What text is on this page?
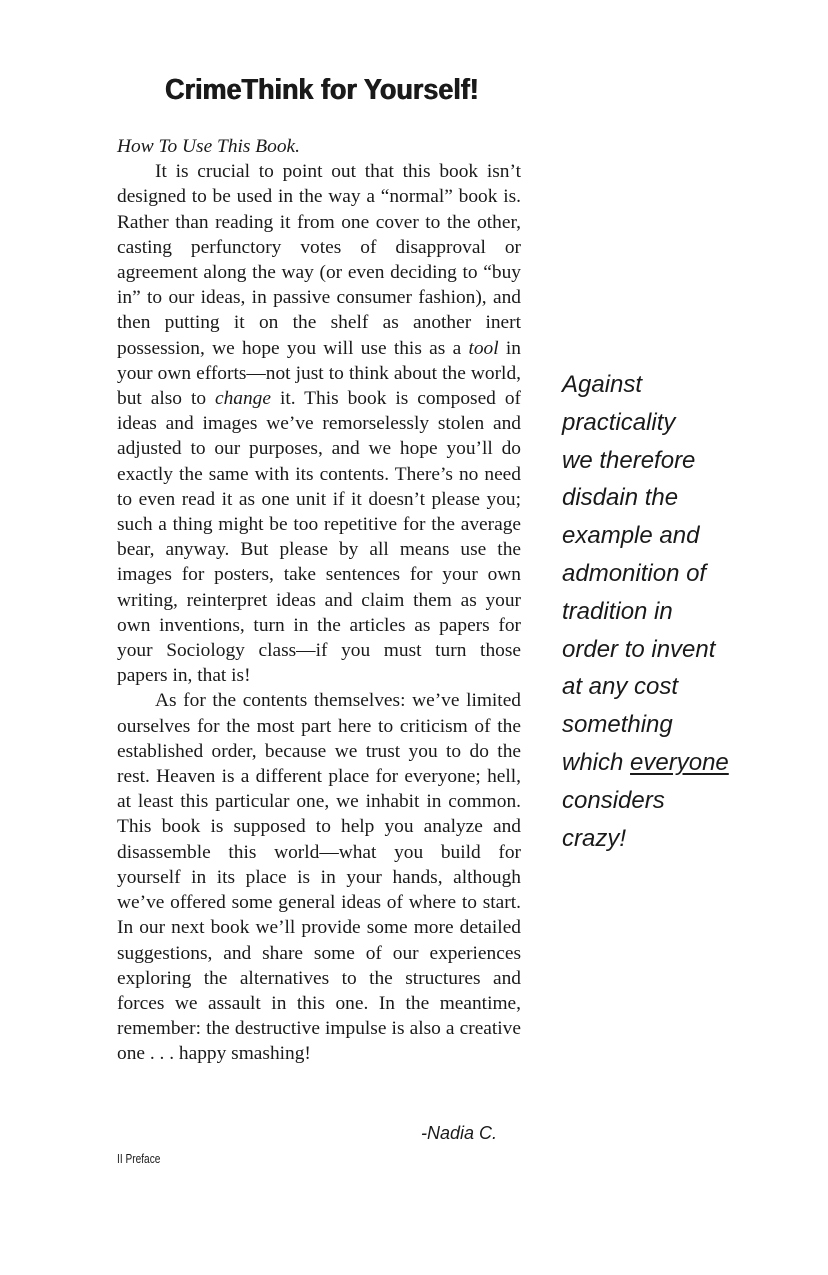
CrimeThink for Yourself!

How To Use This Book.

It is crucial to point out that this book isn’t designed to be used in the way a “normal” book is. Rather than reading it from one cover to the other, casting perfunctory votes of disapproval or agreement along the way (or even deciding to “buy in” to our ideas, in passive consumer fashion), and then putting it on the shelf as another inert possession, we hope you will use this as a tool in your own efforts—not just to think about the world, but also to change it. This book is composed of ideas and images we’ve remorselessly stolen and adjusted to our purposes, and we hope you’ll do exactly the same with its contents. There’s no need to even read it as one unit if it doesn’t please you; such a thing might be too repetitive for the average bear, anyway. But please by all means use the images for posters, take sentences for your own writing, reinterpret ideas and claim them as your own inventions, turn in the articles as papers for your Sociology class—if you must turn those papers in, that is!

As for the contents themselves: we’ve limited ourselves for the most part here to criticism of the established order, because we trust you to do the rest. Heaven is a different place for everyone; hell, at least this particular one, we inhabit in common. This book is supposed to help you analyze and disassemble this world—what you build for yourself in its place is in your hands, although we’ve offered some general ideas of where to start. In our next book we’ll provide some more detailed suggestions, and share some of our experiences exploring the alternatives to the structures and forces we assault in this one. In the meantime, remember: the destructive impulse is also a creative one . . . happy smashing!

Against
practicality
we therefore
disdain the
example and
admonition of
tradition in
order to invent
at any cost
something
which everyone
considers
crazy!
-Nadia C.
II Preface
